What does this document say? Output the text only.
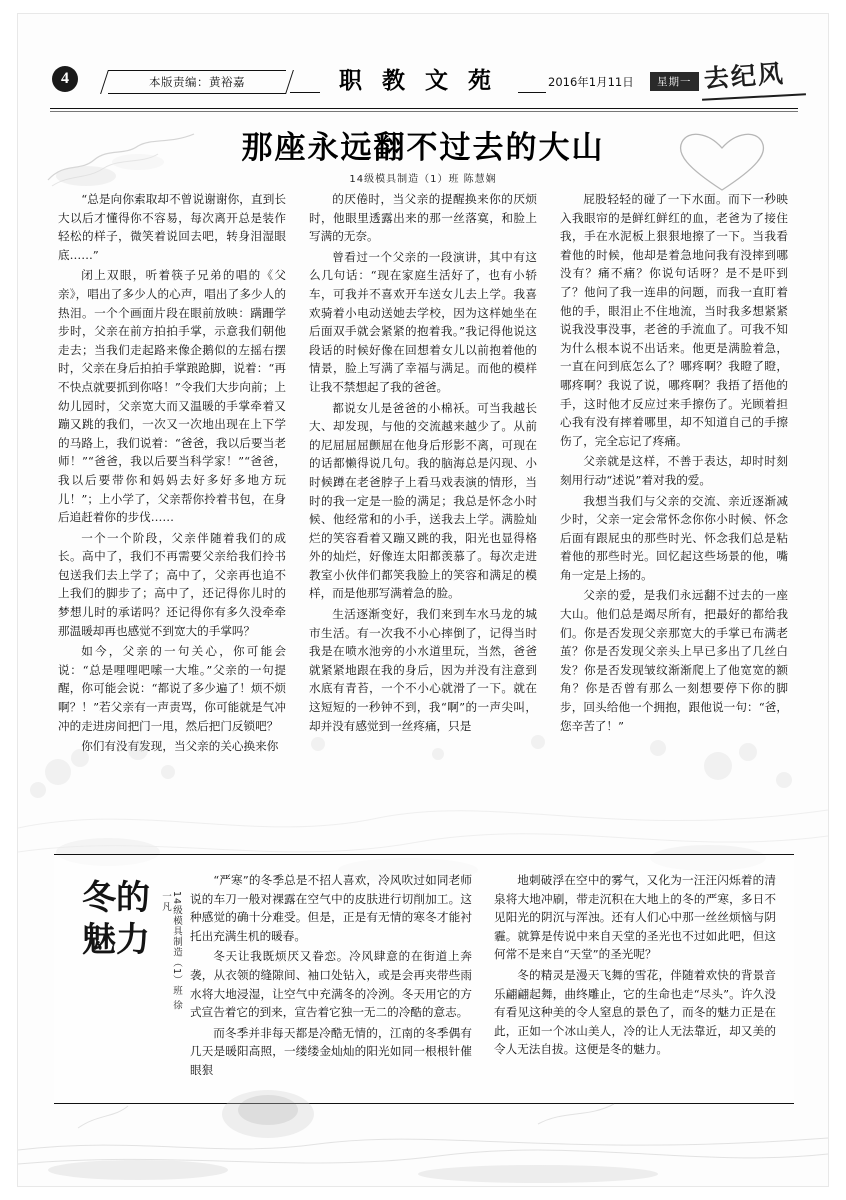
4	本版责编：黄裕嘉	职 教 文 苑	2016年1月11日	星期一 去纪风
那座永远翻不过去的大山
14级模具制造（1）班 陈慧娴

“总是向你索取却不曾说谢谢你，直到长大以后才懂得你不容易，每次离开总是装作轻松的样子，微笑着说回去吧，转身泪湿眼底……”

闭上双眼，听着筷子兄弟的唱的《父亲》，唱出了多少人的心声，唱出了多少人的热泪。一个个画面片段在眼前放映：蹒跚学步时，父亲在前方拍拍手掌，示意我们朝他走去；当我们走起路来像企鹅似的左摇右摆时，父亲在身后拍拍手掌踉跄脚，说着：“再不快点就要抓到你咯！”令我们大步向前；上幼儿园时，父亲宽大而又温暖的手掌牵着又蹦又跳的我们，一次又一次地出现在上下学的马路上，我们说着：“爸爸，我以后要当老师！”“爸爸，我以后要当科学家！”“爸爸，我以后要带你和妈妈去好多好多地方玩儿！”；上小学了，父亲帮你拎着书包，在身后追赶着你的步伐……

一个一个阶段，父亲伴随着我们的成长。高中了，我们不再需要父亲给我们拎书包送我们去上学了；高中了，父亲再也追不上我们的脚步了；高中了，还记得你儿时的梦想儿时的承诺吗？还记得你有多久没牵牵那温暖却再也感觉不到宽大的手掌吗？

如今，父亲的一句关心，你可能会说：“总是哩哩吧嗦一大堆。”父亲的一句提醒，你可能会说：“都说了多少遍了！烦不烦啊？！”若父亲有一声责骂，你可能就是气冲冲的走进房间把门一甩，然后把门反锁吧？

你们有没有发现，当父亲的关心换来你

的厌倦时，当父亲的提醒换来你的厌烦时，他眼里透露出来的那一丝落寞，和脸上写满的无奈。

曾看过一个父亲的一段演讲，其中有这么几句话：“现在家庭生活好了，也有小轿车，可我并不喜欢开车送女儿去上学。我喜欢骑着小电动送她去学校，因为这样她坐在后面双手就会紧紧的抱着我。”我记得他说这段话的时候好像在回想着女儿以前抱着他的情景，脸上写满了幸福与满足。而他的模样让我不禁想起了我的爸爸。

都说女儿是爸爸的小棉袄。可当我越长大、却发现，与他的交流越来越少了。从前的尼屈屈屈颤屈在他身后形影不离，可现在的话都懒得说几句。我的脑海总是闪现、小时候蹲在老爸脖子上看马戏表演的情形，当时的我一定是一脸的满足；我总是怀念小时候、他经常和的小手，送我去上学。满脸灿烂的笑容看着又蹦又跳的我，阳光也显得格外的灿烂，好像连太阳都羡慕了。每次走进教室小伙伴们都笑我脸上的笑容和满足的模样，而是他那写满着急的脸。

生活逐渐变好，我们来到车水马龙的城市生活。有一次我不小心摔倒了，记得当时我是在喷水池旁的小水道里玩，当然，爸爸就紧紧地跟在我的身后，因为并没有注意到水底有青苔，一个不小心就滑了一下。就在这短短的一秒钟不到，我“啊”的一声尖叫，却并没有感觉到一丝疼痛，只是

屁股轻轻的碰了一下水面。而下一秒映入我眼帘的是鲜红鲜红的血，老爸为了接住我，手在水泥板上狠狠地擦了一下。当我看着他的时候，他却是着急地问我有没摔到哪没有？痛不痛？你说句话呀？是不是吓到了？他问了我一连串的问题，而我一直盯着他的手，眼泪止不住地流，当时我多想紧紧说我没事没事，老爸的手流血了。可我不知为什么根本说不出话来。他更是满脸着急，一直在问到底怎么了？哪疼啊？我瞪了瞪，哪疼啊？我说了说，哪疼啊？我捂了捂他的手，这时他才反应过来手擦伤了。光顾着担心我有没有摔着哪里，却不知道自己的手擦伤了，完全忘记了疼痛。

父亲就是这样，不善于表达，却时时刻刻用行动“述说”着对我的爱。

我想当我们与父亲的交流、亲近逐渐减少时，父亲一定会常怀念你你小时候、怀念后面有跟屁虫的那些时光、怀念我们总是粘着他的那些时光。回忆起这些场景的他，嘴角一定是上扬的。

父亲的爱，是我们永远翻不过去的一座大山。他们总是竭尽所有，把最好的都给我们。你是否发现父亲那宽大的手掌已布满老茧？你是否发现父亲头上早已多出了几丝白发？你是否发现皱纹渐渐爬上了他宽宽的额角？你是否曾有那么一刻想要停下你的脚步，回头给他一个拥抱，跟他说一句：“爸，您辛苦了！”

冬的魅力	14级模具制造（1）班 徐一凡

“严寒”的冬季总是不招人喜欢，冷风吹过如同老师说的车刀一般对裸露在空气中的皮肤进行切削加工。这种感觉的确十分难受。但是，正是有无情的寒冬才能衬托出充满生机的暖春。

冬天让我既烦厌又眷恋。冷风肆意的在街道上奔袭，从衣领的缝隙间、袖口处钻入，或是会再夹带些雨水将大地浸湿，让空气中充满冬的冷洌。冬天用它的方式宣告着它的到来，宣告着它独一无二的冷酷的意志。

而冬季并非每天都是冷酷无情的，江南的冬季偶有几天是暖阳高照，一缕缕金灿灿的阳光如同一根根针催眼狠

地刺破浮在空中的雾气，又化为一汪汪闪烁着的清泉将大地冲刷，带走沉积在大地上的冬的严寒，多日不见阳光的阴沉与浑浊。还有人们心中那一丝丝烦恼与阴霾。就算是传说中来自天堂的圣光也不过如此吧，但这何常不是来自“天堂”的圣光呢？

冬的精灵是漫天飞舞的雪花，伴随着欢快的背景音乐翩翩起舞，曲终雕止，它的生命也走“尽头”。许久没有看见这种美的令人窒息的景色了，而冬的魅力正是在此，正如一个冰山美人，冷的让人无法靠近，却又美的令人无法自拔。这便是冬的魅力。
